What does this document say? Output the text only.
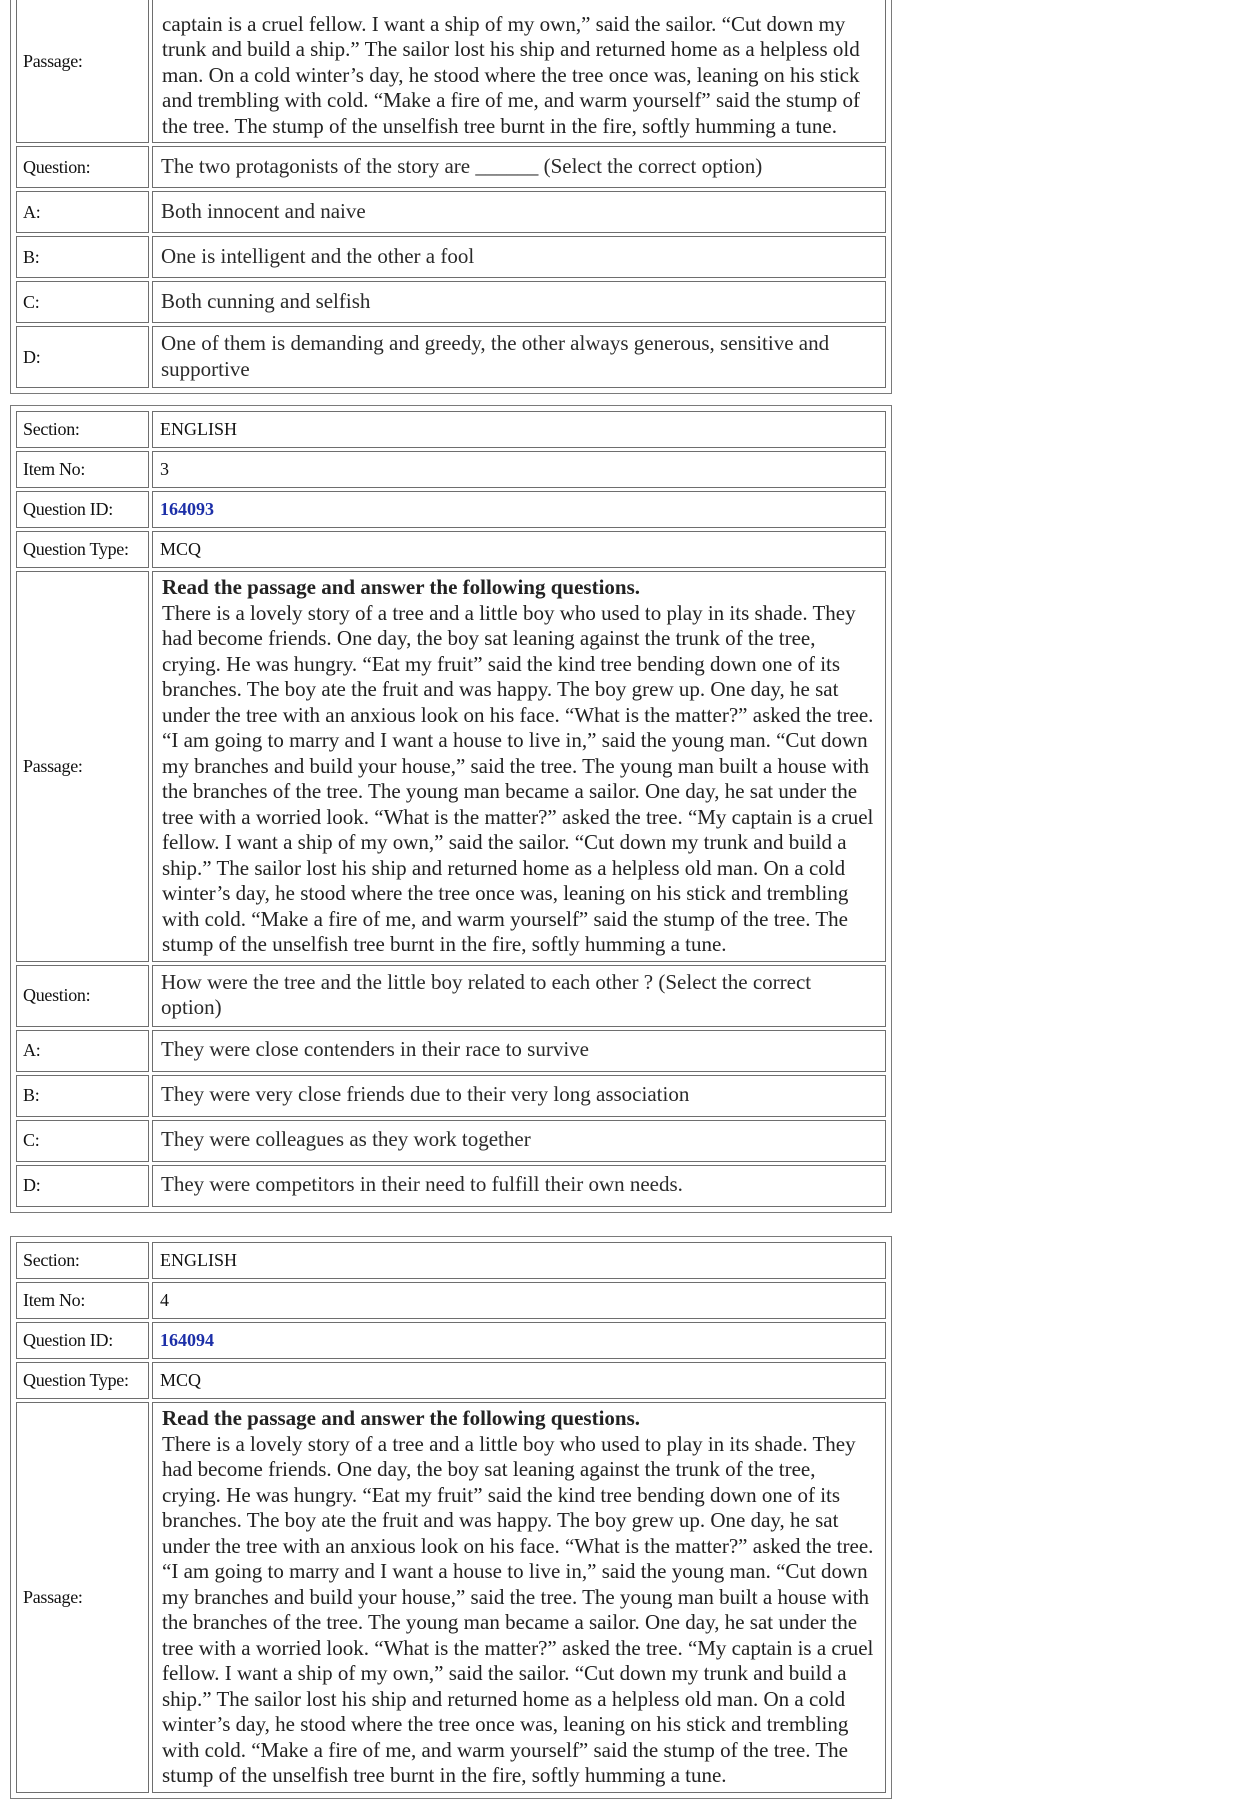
Passage:	captain is a cruel fellow. I want a ship of my own,” said the sailor. “Cut down my trunk and build a ship.” The sailor lost his ship and returned home as a helpless old man. On a cold winter’s day, he stood where the tree once was, leaning on his stick and trembling with cold. “Make a fire of me, and warm yourself” said the stump of the tree. The stump of the unselfish tree burnt in the fire, softly humming a tune.
Question:	The two protagonists of the story are ______ (Select the correct option)
A:	Both innocent and naive
B:	One is intelligent and the other a fool
C:	Both cunning and selfish
D:	One of them is demanding and greedy, the other always generous, sensitive and supportive
Section:	ENGLISH
Item No:	3
Question ID:	164093
Question Type:	MCQ
Passage:	Read the passage and answer the following questions.
There is a lovely story of a tree and a little boy who used to play in its shade. They had become friends. One day, the boy sat leaning against the trunk of the tree, crying. He was hungry. “Eat my fruit” said the kind tree bending down one of its branches. The boy ate the fruit and was happy. The boy grew up. One day, he sat under the tree with an anxious look on his face. “What is the matter?” asked the tree. “I am going to marry and I want a house to live in,” said the young man. “Cut down my branches and build your house,” said the tree. The young man built a house with the branches of the tree. The young man became a sailor. One day, he sat under the tree with a worried look. “What is the matter?” asked the tree. “My captain is a cruel fellow. I want a ship of my own,” said the sailor. “Cut down my trunk and build a ship.” The sailor lost his ship and returned home as a helpless old man. On a cold winter’s day, he stood where the tree once was, leaning on his stick and trembling with cold. “Make a fire of me, and warm yourself” said the stump of the tree. The stump of the unselfish tree burnt in the fire, softly humming a tune.
Question:	How were the tree and the little boy related to each other ? (Select the correct option)
A:	They were close contenders in their race to survive
B:	They were very close friends due to their very long association
C:	They were colleagues as they work together
D:	They were competitors in their need to fulfill their own needs.
Section:	ENGLISH
Item No:	4
Question ID:	164094
Question Type:	MCQ
Passage:	Read the passage and answer the following questions.
There is a lovely story of a tree and a little boy who used to play in its shade. They had become friends. One day, the boy sat leaning against the trunk of the tree, crying. He was hungry. “Eat my fruit” said the kind tree bending down one of its branches. The boy ate the fruit and was happy. The boy grew up. One day, he sat under the tree with an anxious look on his face. “What is the matter?” asked the tree. “I am going to marry and I want a house to live in,” said the young man. “Cut down my branches and build your house,” said the tree. The young man built a house with the branches of the tree. The young man became a sailor. One day, he sat under the tree with a worried look. “What is the matter?” asked the tree. “My captain is a cruel fellow. I want a ship of my own,” said the sailor. “Cut down my trunk and build a ship.” The sailor lost his ship and returned home as a helpless old man. On a cold winter’s day, he stood where the tree once was, leaning on his stick and trembling with cold. “Make a fire of me, and warm yourself” said the stump of the tree. The stump of the unselfish tree burnt in the fire, softly humming a tune.
